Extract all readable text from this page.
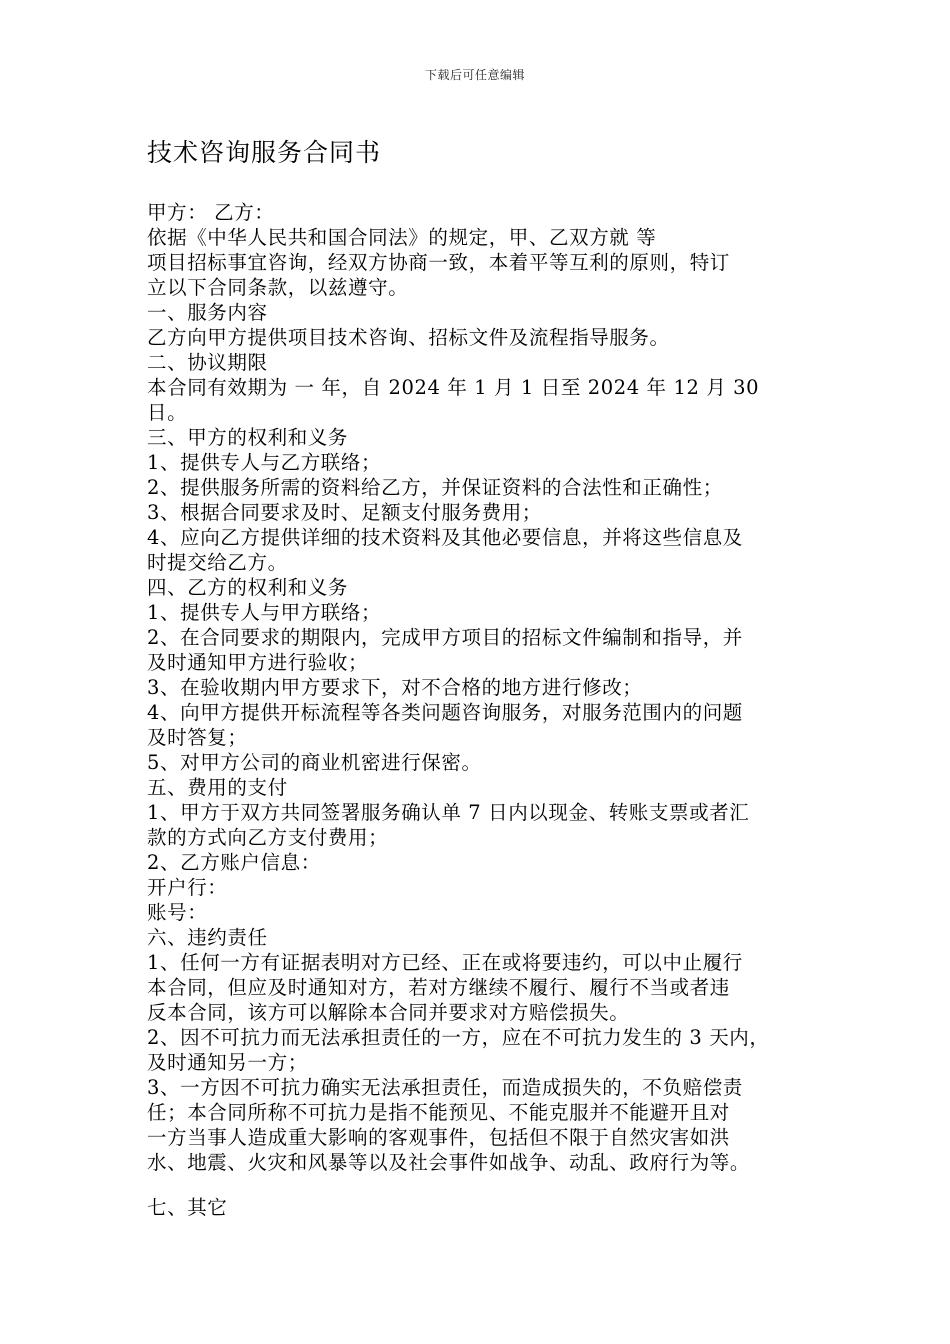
下载后可任意编辑
技术咨询服务合同书
甲方： 乙方：
依据《中华人民共和国合同法》的规定，甲、乙双方就 等
项目招标事宜咨询，经双方协商一致，本着平等互利的原则，特订
立以下合同条款，以兹遵守。
一、服务内容
乙方向甲方提供项目技术咨询、招标文件及流程指导服务。
二、协议期限
本合同有效期为 一 年，自 2024 年 1 月 1 日至 2024 年 12 月 30
日。
三、甲方的权利和义务
1、提供专人与乙方联络；
2、提供服务所需的资料给乙方，并保证资料的合法性和正确性；
3、根据合同要求及时、足额支付服务费用；
4、应向乙方提供详细的技术资料及其他必要信息，并将这些信息及
时提交给乙方。
四、乙方的权利和义务
1、提供专人与甲方联络；
2、在合同要求的期限内，完成甲方项目的招标文件编制和指导，并
及时通知甲方进行验收；
3、在验收期内甲方要求下，对不合格的地方进行修改；
4、向甲方提供开标流程等各类问题咨询服务，对服务范围内的问题
及时答复；
5、对甲方公司的商业机密进行保密。
五、费用的支付
1、甲方于双方共同签署服务确认单 7 日内以现金、转账支票或者汇
款的方式向乙方支付费用；
2、乙方账户信息：
开户行：
账号：
六、违约责任
1、任何一方有证据表明对方已经、正在或将要违约，可以中止履行
本合同，但应及时通知对方，若对方继续不履行、履行不当或者违
反本合同，该方可以解除本合同并要求对方赔偿损失。
2、因不可抗力而无法承担责任的一方，应在不可抗力发生的 3 天内，
及时通知另一方；
3、一方因不可抗力确实无法承担责任，而造成损失的，不负赔偿责
任；本合同所称不可抗力是指不能预见、不能克服并不能避开且对
一方当事人造成重大影响的客观事件，包括但不限于自然灾害如洪
水、地震、火灾和风暴等以及社会事件如战争、动乱、政府行为等。
七、其它
